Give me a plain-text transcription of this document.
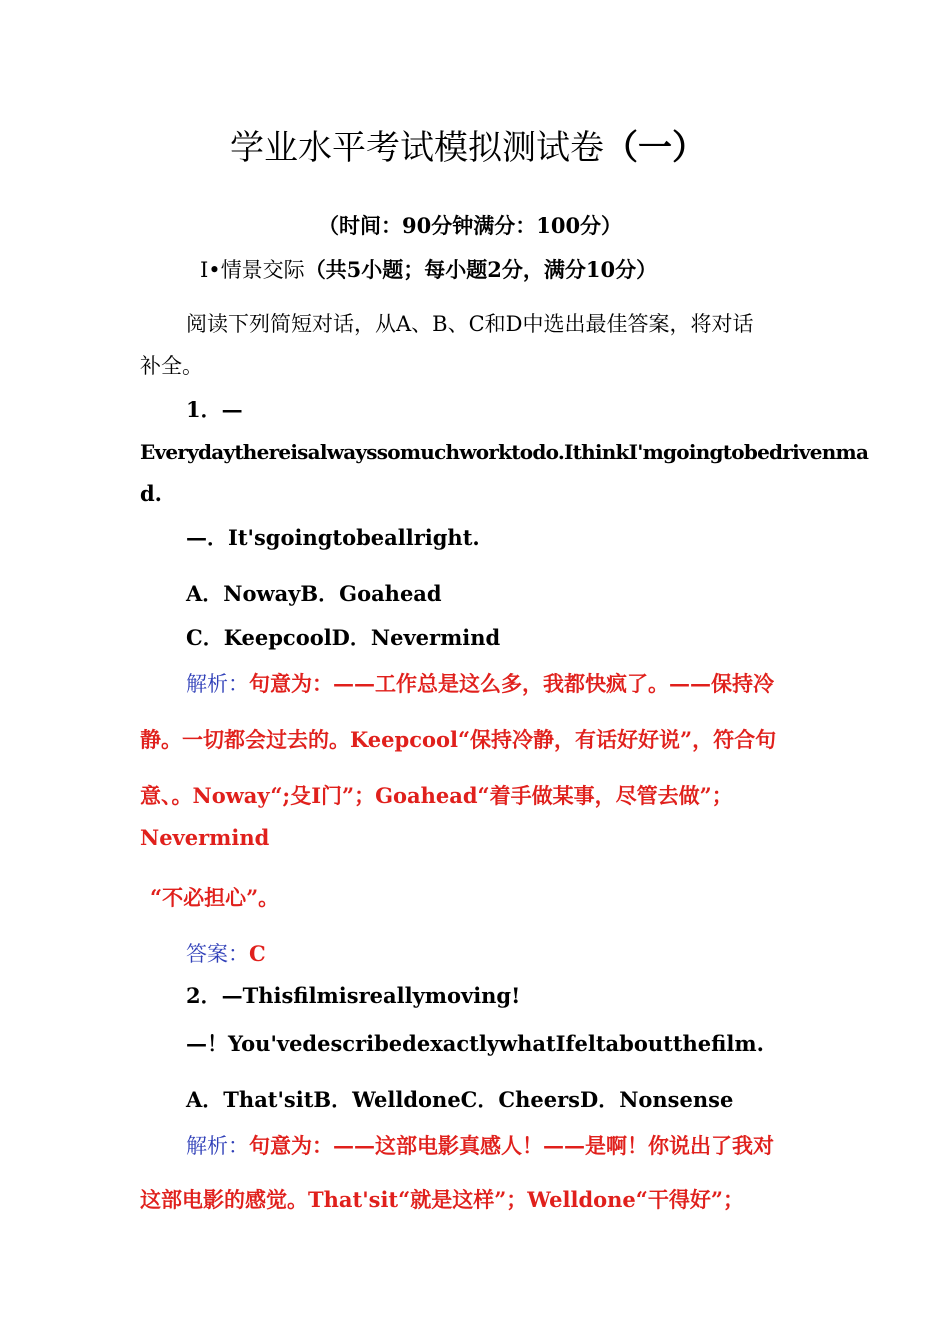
学业水平考试模拟测试卷（一）
（时间：90分钟满分：100分）
I•情景交际（共5小题；每小题2分，满分10分）
阅读下列简短对话，从A、B、C和D中选出最佳答案，将对话
补全。
1．—
Everydaythereisalwayssomuchworktodo.IthinkI'mgoingtobedrivenma
d.
—．It'sgoingtobeallright.
A．NowayB．Goahead
C．KeepcoolD．Nevermind
解析：句意为：——工作总是这么多，我都快疯了。——保持冷
静。一切都会过去的。Keepcool“保持冷静，有话好好说”，符合句
意、。Noway“;殳I门”；Goahead“着手做某事，尽管去做”；
Nevermind
“不必担心”。
答案：C
2．—Thisfilmisreallymoving!
—！You'vedescribedexactlywhatIfeltaboutthefilm.
A．That'sitB．WelldoneC．CheersD．Nonsense
解析：句意为：——这部电影真感人！——是啊！你说出了我对
这部电影的感觉。That'sit“就是这样”；Welldone“干得好”；
